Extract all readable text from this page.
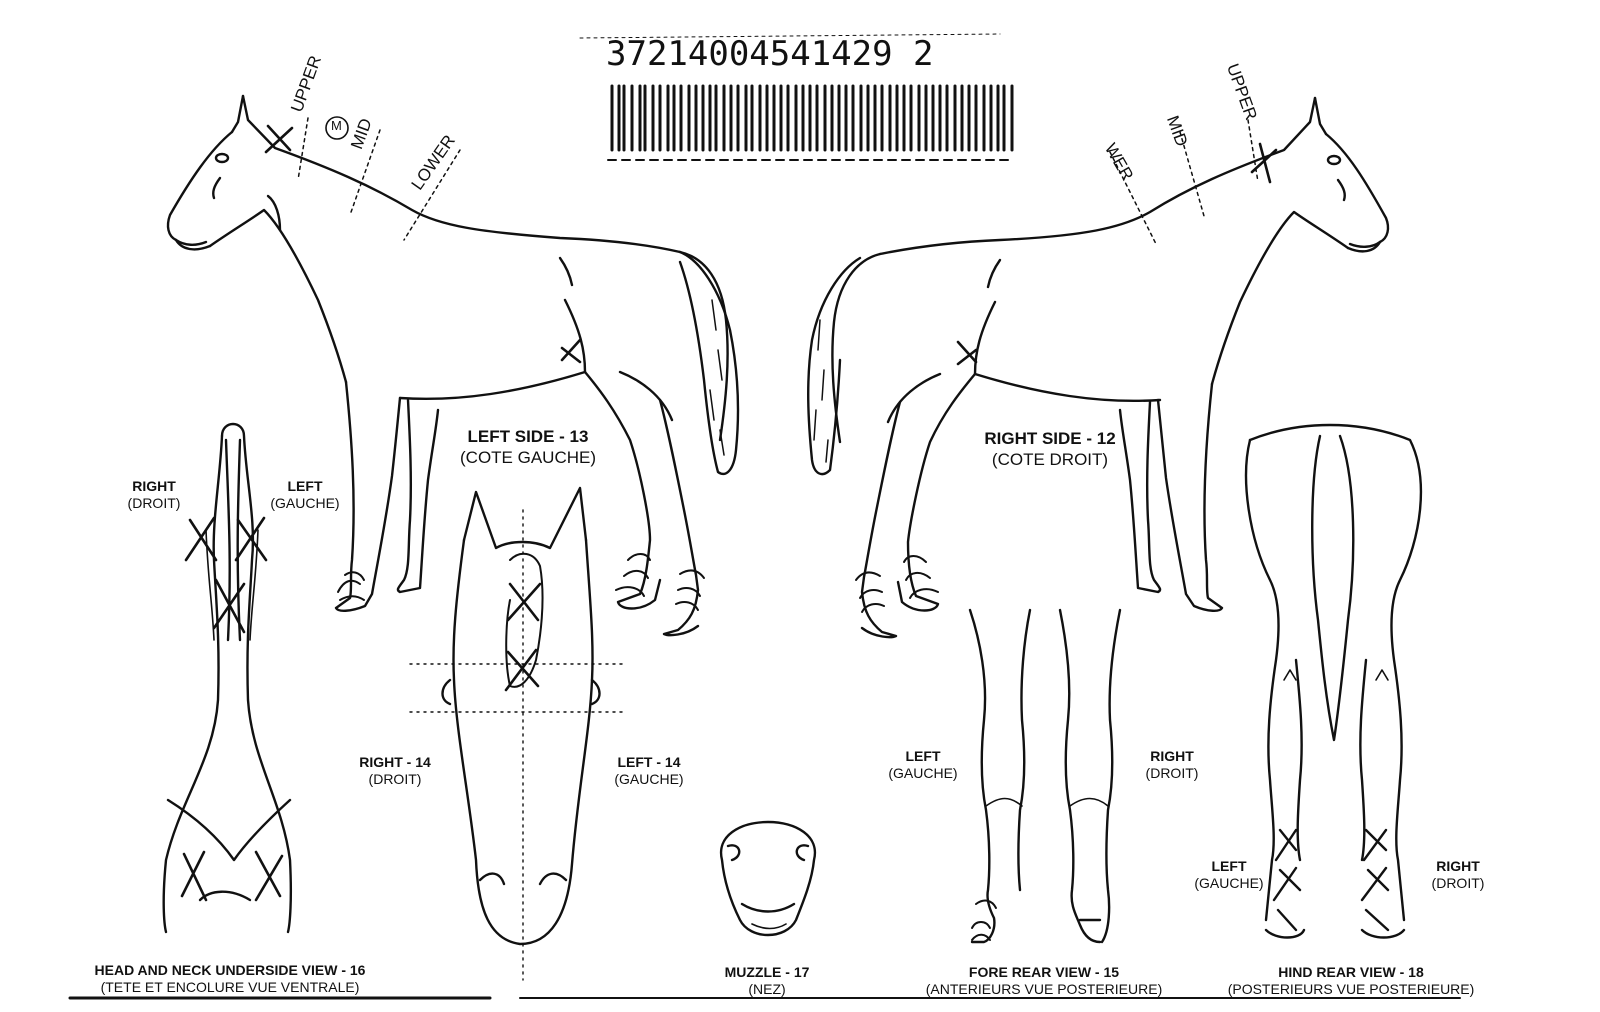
37214004541429 2
UPPER
M MID LOWER
UPPER
MID
WER
LEFT SIDE - 13
(COTE GAUCHE)
RIGHT SIDE - 12
(COTE DROIT)
RIGHT
(DROIT)
LEFT
(GAUCHE)
HEAD AND NECK UNDERSIDE VIEW - 16
(TETE ET ENCOLURE VUE VENTRALE)
RIGHT - 14
(DROIT)
LEFT - 14
(GAUCHE)
MUZZLE - 17
(NEZ)
LEFT
(GAUCHE)
RIGHT
(DROIT)
FORE REAR VIEW - 15
(ANTERIEURS VUE POSTERIEURE)
LEFT
(GAUCHE)
RIGHT
(DROIT)
HIND REAR VIEW - 18
(POSTERIEURS VUE POSTERIEURE)
